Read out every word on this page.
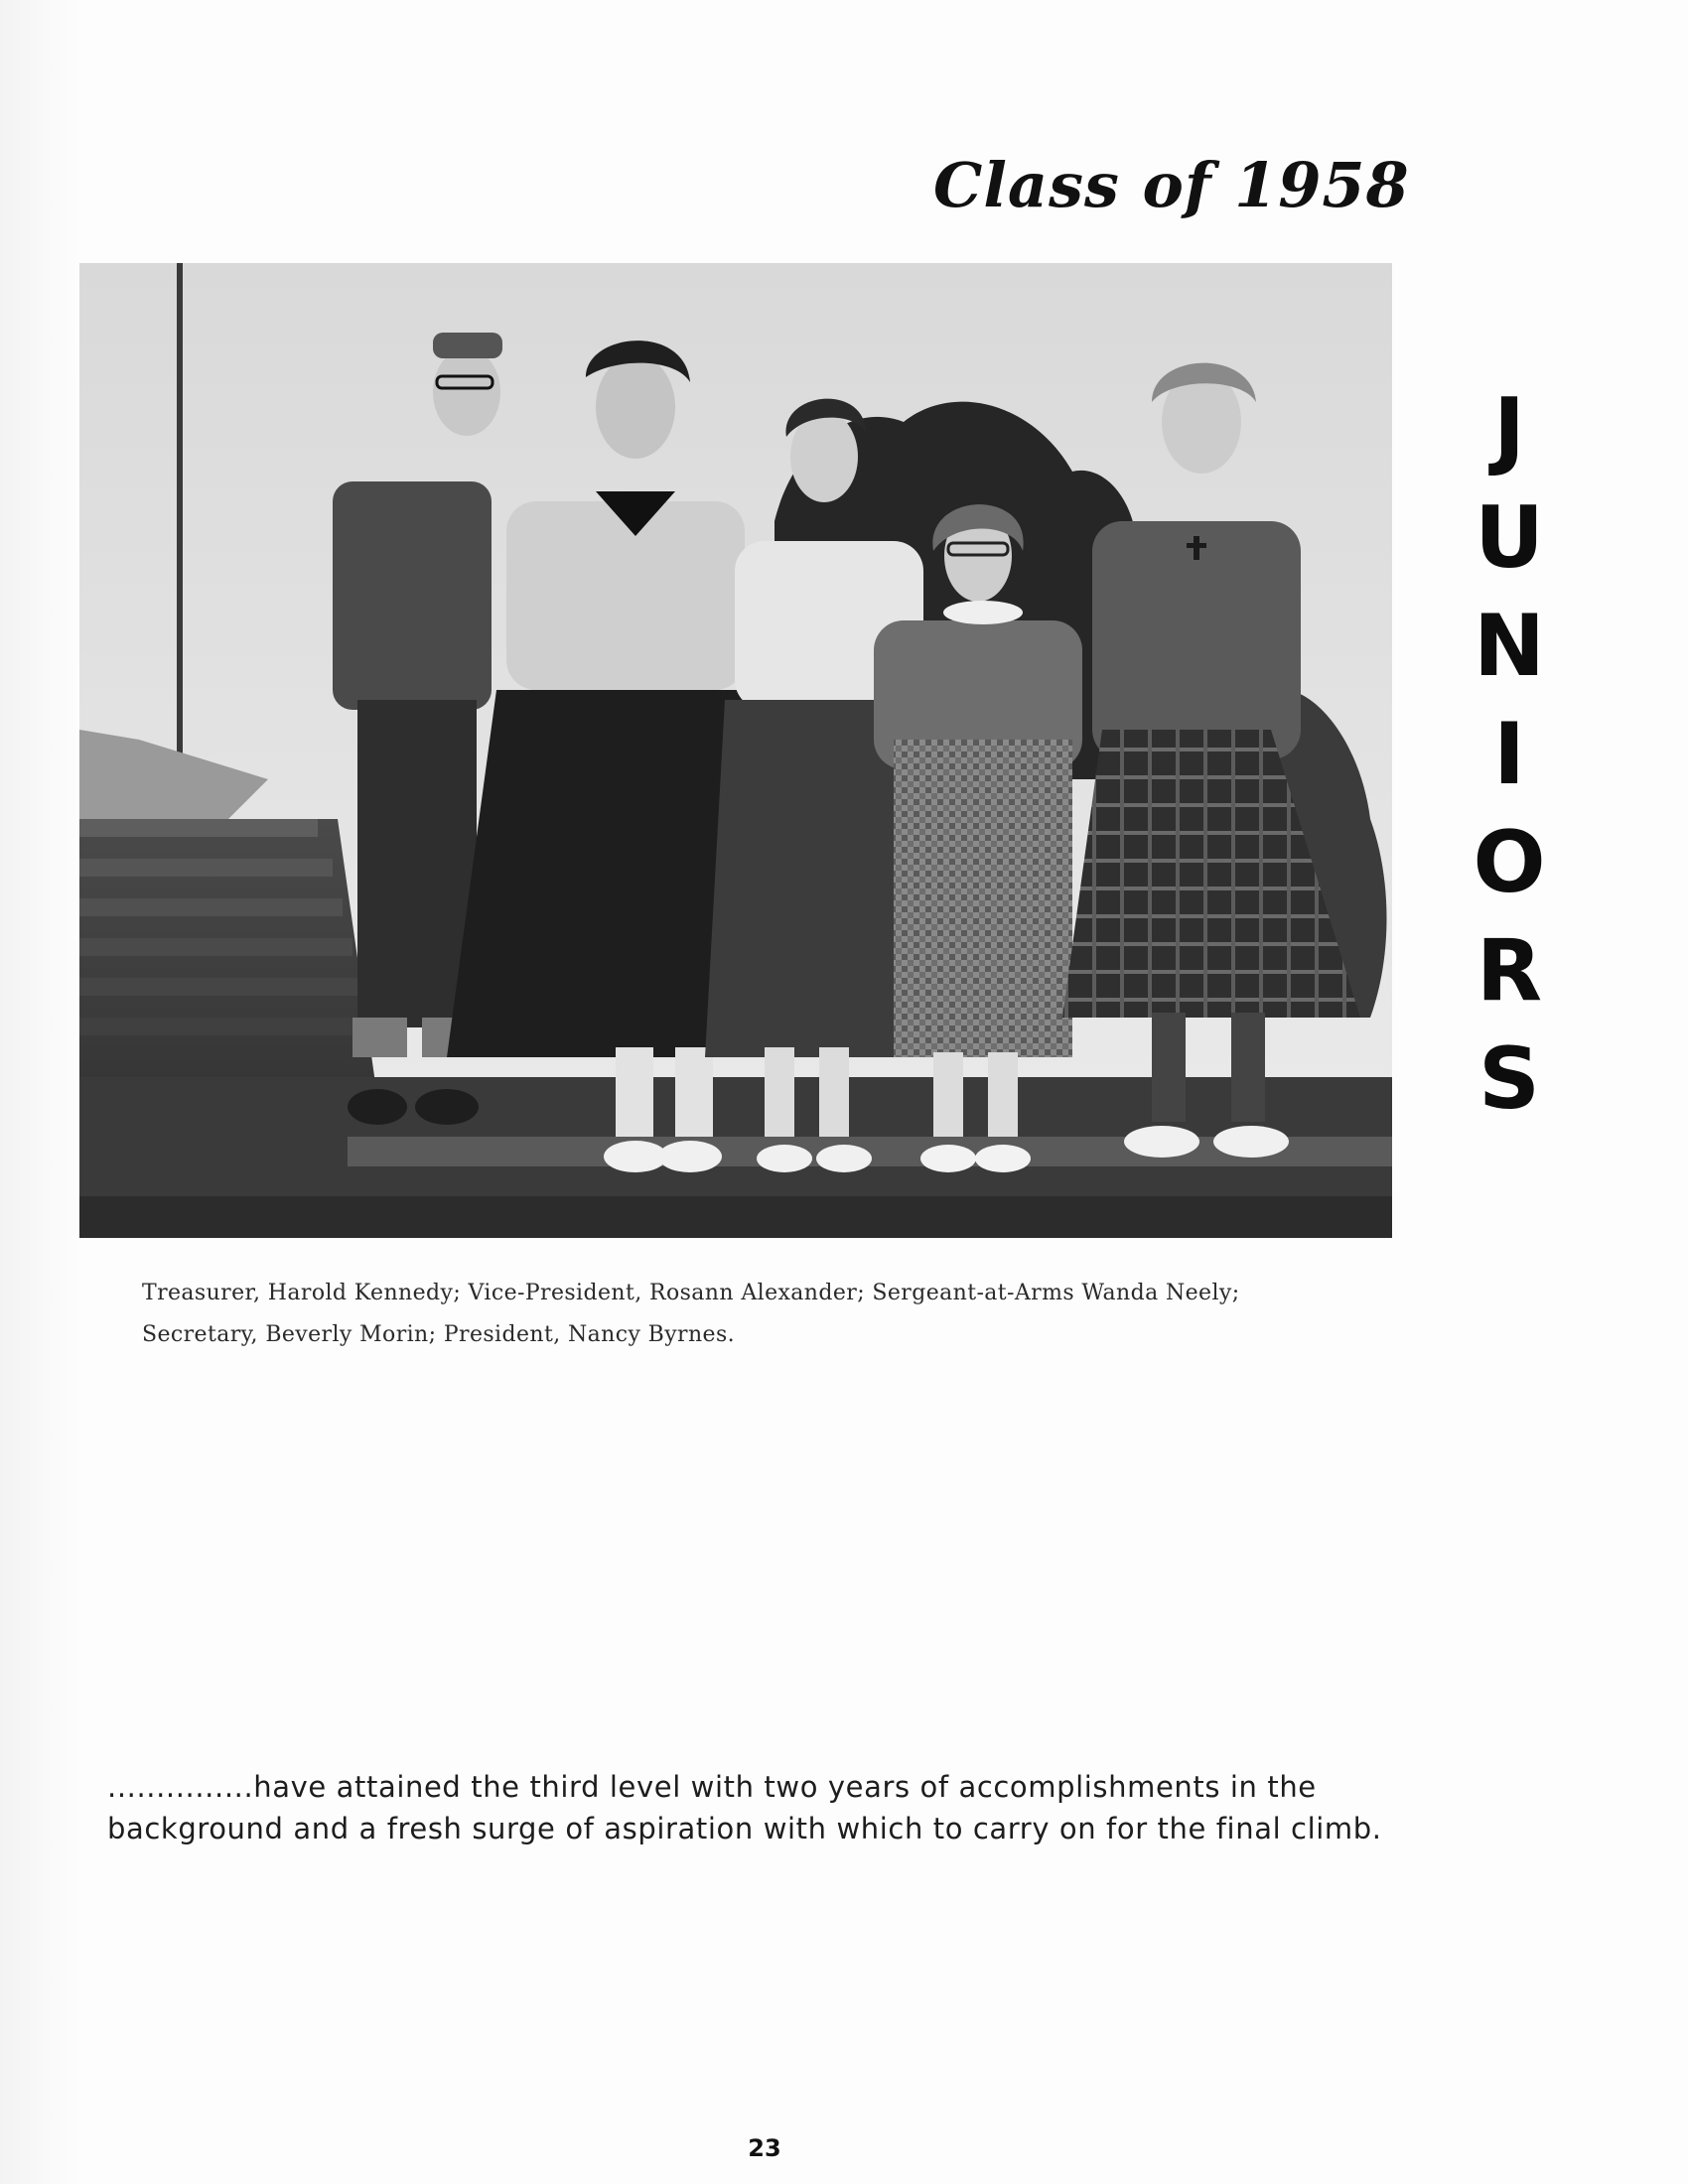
Class of 1958
J
U
N
I
O
R
S
Treasurer, Harold Kennedy; Vice-President, Rosann Alexander; Sergeant-at-Arms Wanda Neely;
Secretary, Beverly Morin; President, Nancy Byrnes.
...............have attained the third level with two years of accomplishments in the
background and a fresh surge of aspiration with which to carry on for the final climb.
23
